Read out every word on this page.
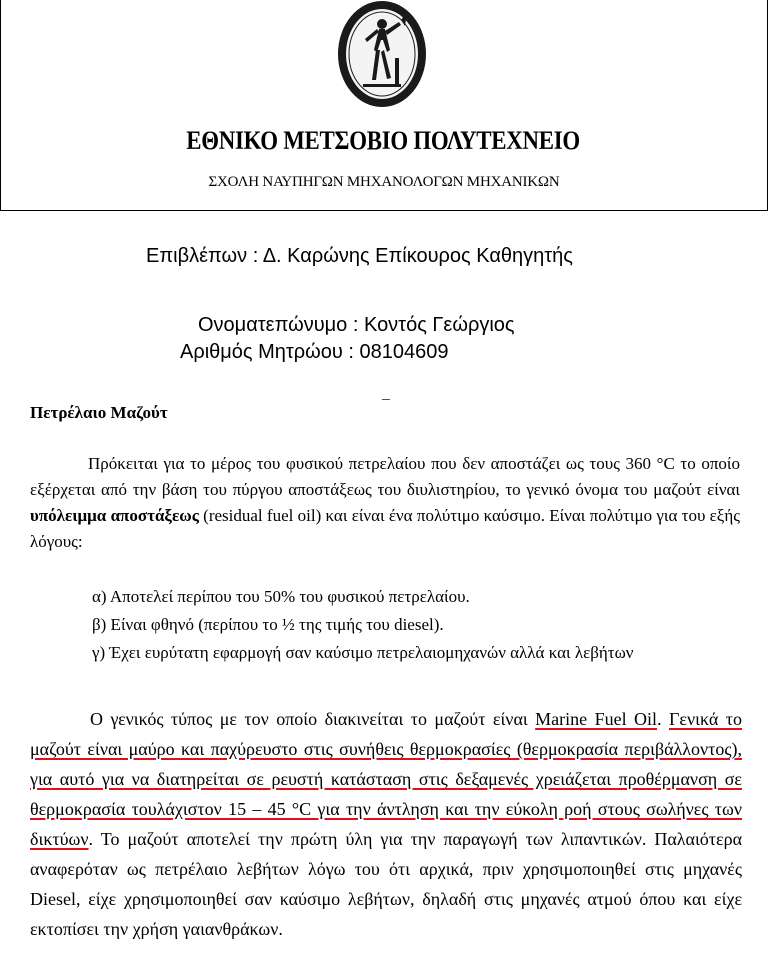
ΕΘΝΙΚΟ ΜΕΤΣΟΒΙΟ ΠΟΛΥΤΕΧΝΕΙΟ
ΣΧΟΛΗ ΝΑΥΠΗΓΩΝ ΜΗΧΑΝΟΛΟΓΩΝ ΜΗΧΑΝΙΚΩΝ
Επιβλέπων : Δ. Καρώνης Επίκουρος Καθηγητής
Ονοματεπώνυμο : Κοντός Γεώργιος
Αριθμός Μητρώου : 08104609
Πετρέλαιο Μαζούτ
Πρόκειται για το μέρος του φυσικού πετρελαίου που δεν αποστάζει ως τους 360 °C το οποίο εξέρχεται από την βάση του πύργου αποστάξεως του διυλιστηρίου, το γενικό όνομα του μαζούτ είναι υπόλειμμα αποστάξεως (residual fuel oil) και είναι ένα πολύτιμο καύσιμο. Είναι πολύτιμο για του εξής λόγους:
α) Αποτελεί περίπου του 50% του φυσικού πετρελαίου.
β) Είναι φθηνό (περίπου το ½ της τιμής του diesel).
γ) Έχει ευρύτατη εφαρμογή σαν καύσιμο πετρελαιομηχανών αλλά και λεβήτων
Ο γενικός τύπος με τον οποίο διακινείται το μαζούτ είναι Marine Fuel Oil. Γενικά το μαζούτ είναι μαύρο και παχύρευστο στις συνήθεις θερμοκρασίες (θερμοκρασία περιβάλλοντος), για αυτό για να διατηρείται σε ρευστή κατάσταση στις δεξαμενές χρειάζεται προθέρμανση σε θερμοκρασία τουλάχιστον 15 – 45 °C για την άντληση και την εύκολη ροή στους σωλήνες των δικτύων. Το μαζούτ αποτελεί την πρώτη ύλη για την παραγωγή των λιπαντικών. Παλαιότερα αναφερόταν ως πετρέλαιο λεβήτων λόγω του ότι αρχικά, πριν χρησιμοποιηθεί στις μηχανές Diesel, είχε χρησιμοποιηθεί σαν καύσιμο λεβήτων, δηλαδή στις μηχανές ατμού όπου και είχε εκτοπίσει την χρήση γαιανθράκων.
